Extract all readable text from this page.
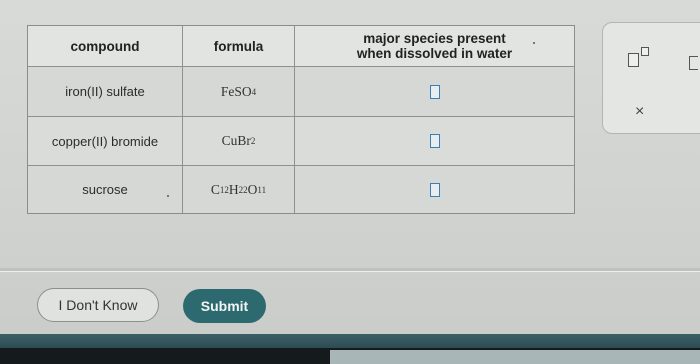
compound	formula	major species present
when dissolved in water
iron(II) sulfate	FeSO 4
copper(II) bromide	CuBr 2
sucrose	C 12 H 22 O 11
×
I Don't Know	Submit
